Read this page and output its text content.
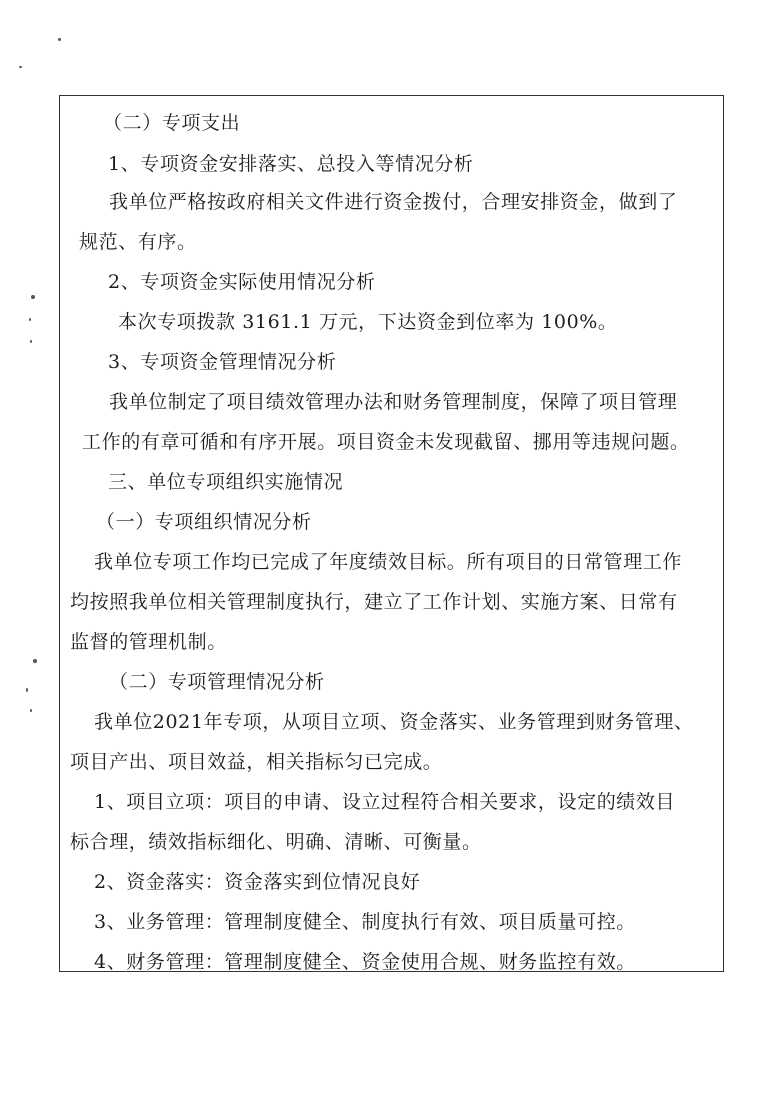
（二）专项支出
1、专项资金安排落实、总投入等情况分析
我单位严格按政府相关文件进行资金拨付，合理安排资金，做到了
规范、有序。
2、专项资金实际使用情况分析
本次专项拨款 3161.1 万元，下达资金到位率为 100%。
3、专项资金管理情况分析
我单位制定了项目绩效管理办法和财务管理制度，保障了项目管理
工作的有章可循和有序开展。项目资金未发现截留、挪用等违规问题。
三、单位专项组织实施情况
（一）专项组织情况分析
我单位专项工作均已完成了年度绩效目标。所有项目的日常管理工作
均按照我单位相关管理制度执行，建立了工作计划、实施方案、日常有
监督的管理机制。
（二）专项管理情况分析
我单位2021年专项，从项目立项、资金落实、业务管理到财务管理、
项目产出、项目效益，相关指标匀已完成。
1、项目立项：项目的申请、设立过程符合相关要求，设定的绩效目
标合理，绩效指标细化、明确、清晰、可衡量。
2、资金落实：资金落实到位情况良好
3、业务管理：管理制度健全、制度执行有效、项目质量可控。
4、财务管理：管理制度健全、资金使用合规、财务监控有效。
